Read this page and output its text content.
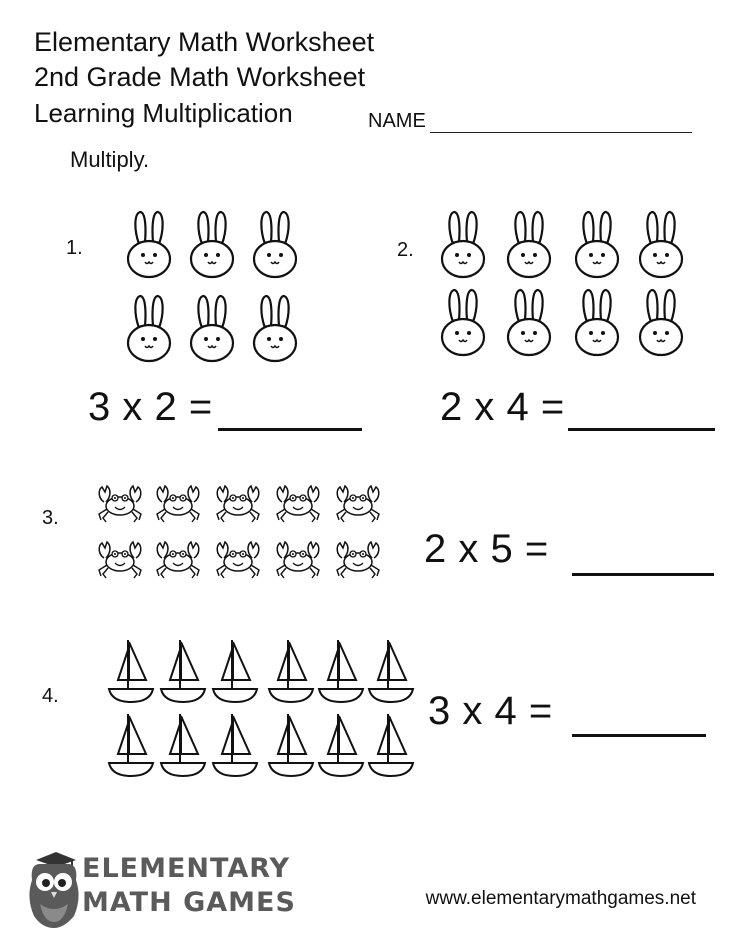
Elementary Math Worksheet
2nd Grade Math Worksheet
Learning Multiplication	NAME
Multiply.
1.
3 x 2 =
2.
2 x 4 =
3.
2 x 5 =
4.	3 x 4 =
ELEMENTARY
MATH GAMES	www.elementarymathgames.net
